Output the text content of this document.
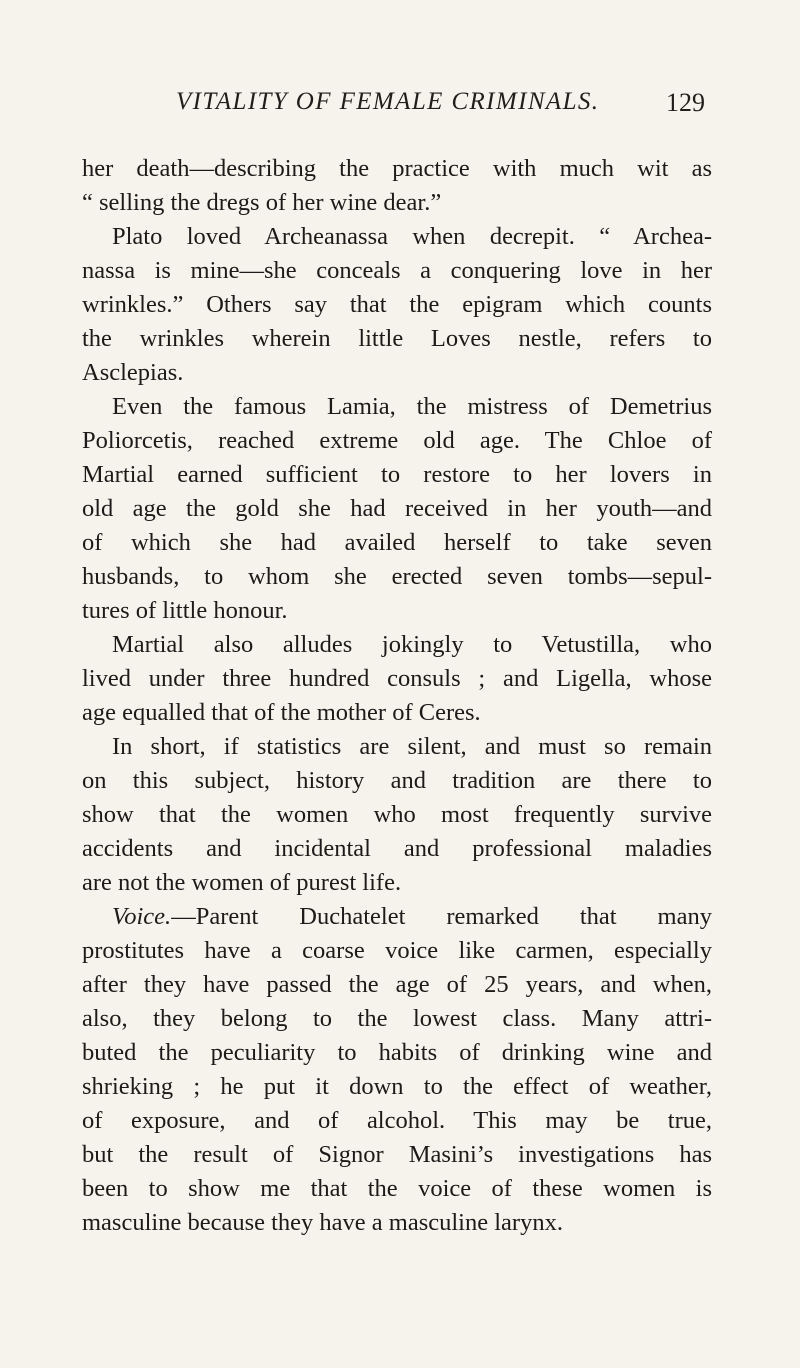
VITALITY OF FEMALE CRIMINALS.	129
her death—describing the practice with much wit as
“ selling the dregs of her wine dear.”
Plato loved Archeanassa when decrepit. “ Archea-
nassa is mine—she conceals a conquering love in her
wrinkles.” Others say that the epigram which counts
the wrinkles wherein little Loves nestle, refers to
Asclepias.
Even the famous Lamia, the mistress of Demetrius
Poliorcetis, reached extreme old age. The Chloe of
Martial earned sufficient to restore to her lovers in
old age the gold she had received in her youth—and
of which she had availed herself to take seven
husbands, to whom she erected seven tombs—sepul-
tures of little honour.
Martial also alludes jokingly to Vetustilla, who
lived under three hundred consuls ; and Ligella, whose
age equalled that of the mother of Ceres.
In short, if statistics are silent, and must so remain
on this subject, history and tradition are there to
show that the women who most frequently survive
accidents and incidental and professional maladies
are not the women of purest life.
Voice.—Parent Duchatelet remarked that many
prostitutes have a coarse voice like carmen, especially
after they have passed the age of 25 years, and when,
also, they belong to the lowest class. Many attri-
buted the peculiarity to habits of drinking wine and
shrieking ; he put it down to the effect of weather,
of exposure, and of alcohol. This may be true,
but the result of Signor Masini’s investigations has
been to show me that the voice of these women is
masculine because they have a masculine larynx.
